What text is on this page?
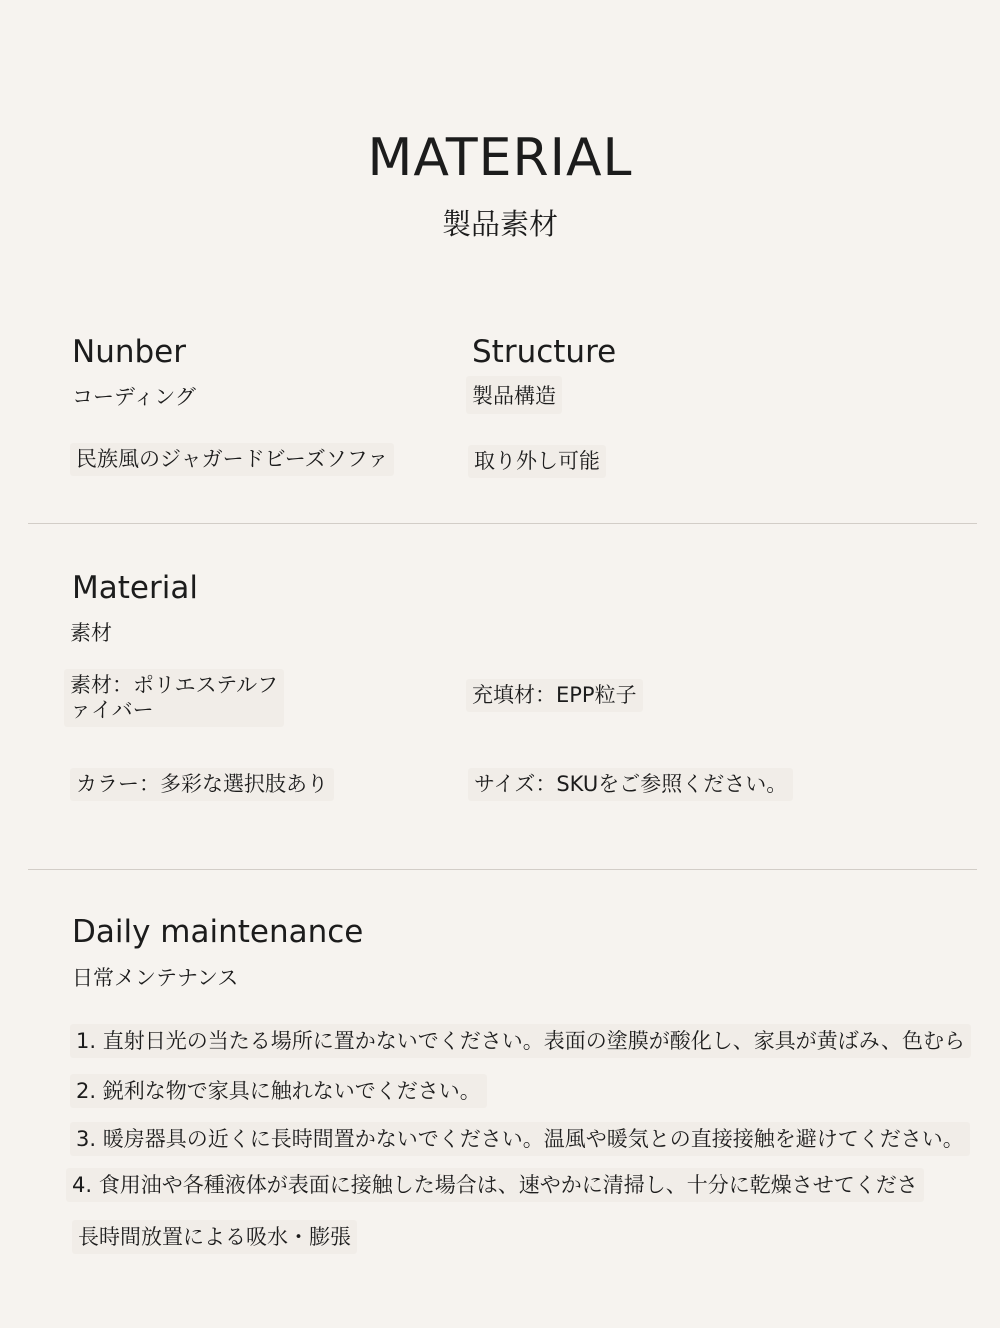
MATERIAL
製品素材
Nunber
コーディング
民族風のジャガードビーズソファ
Structure
製品構造
取り外し可能
Material
素材
素材：ポリエステルフ
ァイバー
充填材：EPP粒子
カラー：多彩な選択肢あり	サイズ：SKUをご参照ください。
Daily maintenance
日常メンテナンス
1. 直射日光の当たる場所に置かないでください。表面の塗膜が酸化し、家具が黄ばみ、色むら
2. 鋭利な物で家具に触れないでください。
3. 暖房器具の近くに長時間置かないでください。温風や暖気との直接接触を避けてください。
4. 食用油や各種液体が表面に接触した場合は、速やかに清掃し、十分に乾燥させてくださ
長時間放置による吸水・膨張
